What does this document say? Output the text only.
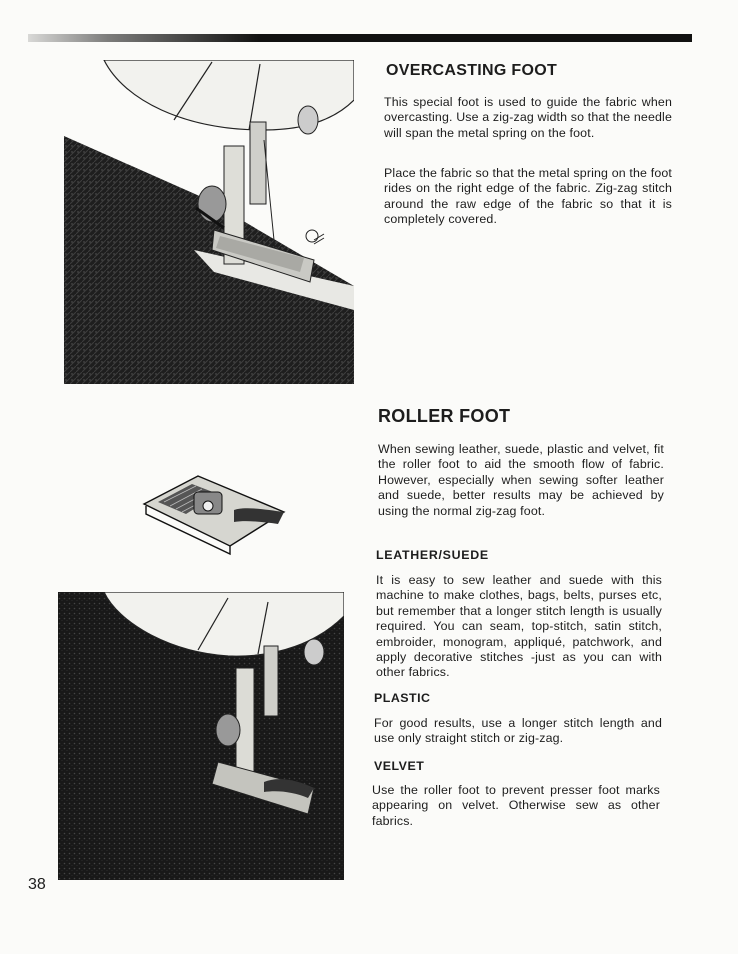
OVERCASTING FOOT

This special foot is used to guide the fabric when overcasting. Use a zig-zag width so that the needle will span the metal spring on the foot.

Place the fabric so that the metal spring on the foot rides on the right edge of the fabric. Zig-zag stitch around the raw edge of the fabric so that it is completely covered.

ROLLER FOOT

When sewing leather, suede, plastic and velvet, fit the roller foot to aid the smooth flow of fabric. However, especially when sewing softer leather and suede, better results may be achieved by using the normal zig-zag foot.

LEATHER/SUEDE

It is easy to sew leather and suede with this machine to make clothes, bags, belts, purses etc, but remember that a longer stitch length is usually required. You can seam, top-stitch, satin stitch, embroider, monogram, appliqué, patchwork, and apply decorative stitches -just as you can with other fabrics.

PLASTIC

For good results, use a longer stitch length and use only straight stitch or zig-zag.

VELVET

Use the roller foot to prevent presser foot marks appearing on velvet. Otherwise sew as other fabrics.

38
